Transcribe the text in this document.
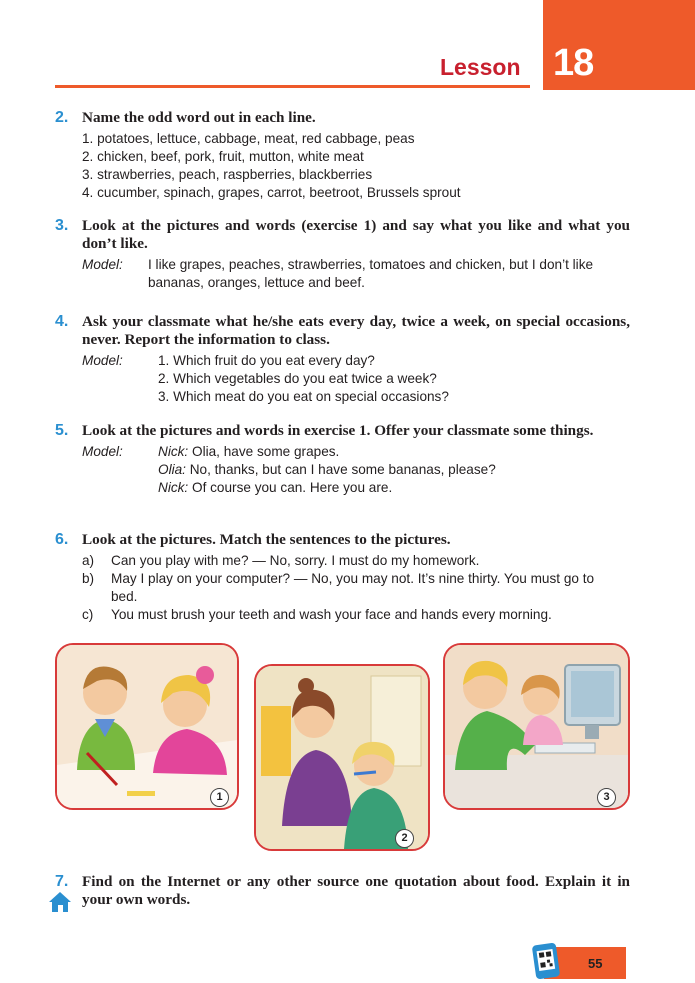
18
Lesson
2. Name the odd word out in each line.
1. potatoes, lettuce, cabbage, meat, red cabbage, peas
2. chicken, beef, pork, fruit, mutton, white meat
3. strawberries, peach, raspberries, blackberries
4. cucumber, spinach, grapes, carrot, beetroot, Brussels sprout
3. Look at the pictures and words (exercise 1) and say what you like and what you don’t like.
Model:	I like grapes, peaches, strawberries, tomatoes and chicken, but I don’t like bananas, oranges, lettuce and beef.
4. Ask your classmate what he/she eats every day, twice a week, on special occasions, never. Report the information to class.
Model:	1. Which fruit do you eat every day?
2. Which vegetables do you eat twice a week?
3. Which meat do you eat on special occasions?
5. Look at the pictures and words in exercise 1. Offer your classmate some things.
Model:	Nick: Olia, have some grapes.
Olia: No, thanks, but can I have some bananas, please?
Nick: Of course you can. Here you are.
6. Look at the pictures. Match the sentences to the pictures.
a)	Can you play with me? — No, sorry. I must do my homework.
b)	May I play on your computer? — No, you may not. It’s nine thirty. You must go to bed.
c)	You must brush your teeth and wash your face and hands every morning.
1
2
3
7. Find on the Internet or any other source one quotation about food. Explain it in your own words.
55
